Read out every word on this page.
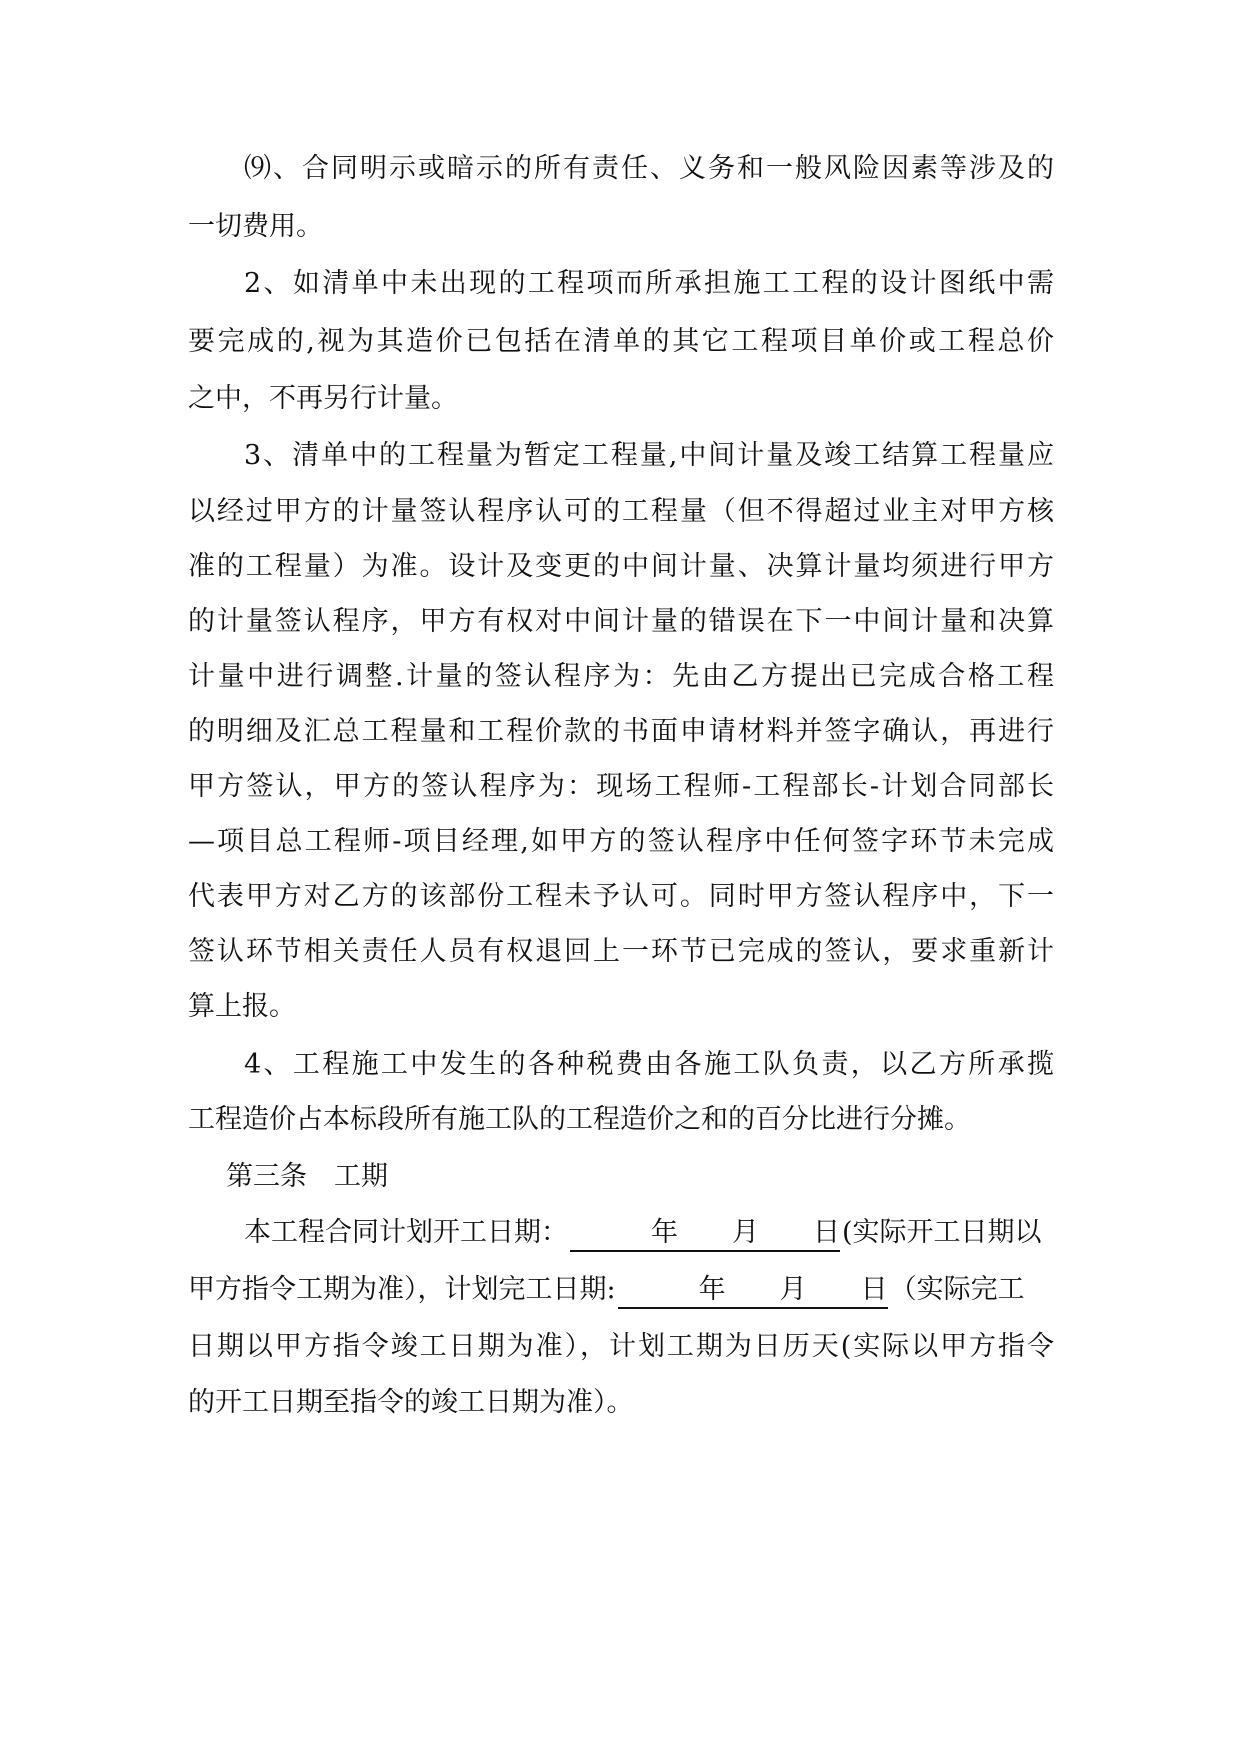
⑼、合同明示或暗示的所有责任、义务和一般风险因素等涉及的
一切费用。
2、如清单中未出现的工程项而所承担施工工程的设计图纸中需
要完成的,视为其造价已包括在清单的其它工程项目单价或工程总价
之中，不再另行计量。
3、清单中的工程量为暂定工程量,中间计量及竣工结算工程量应
以经过甲方的计量签认程序认可的工程量（但不得超过业主对甲方核
准的工程量）为准。设计及变更的中间计量、决算计量均须进行甲方
的计量签认程序，甲方有权对中间计量的错误在下一中间计量和决算
计量中进行调整.计量的签认程序为：先由乙方提出已完成合格工程
的明细及汇总工程量和工程价款的书面申请材料并签字确认，再进行
甲方签认，甲方的签认程序为：现场工程师-工程部长-计划合同部长
—项目总工程师-项目经理,如甲方的签认程序中任何签字环节未完成
代表甲方对乙方的该部份工程未予认可。同时甲方签认程序中，下一
签认环节相关责任人员有权退回上一环节已完成的签认，要求重新计
算上报。
4、工程施工中发生的各种税费由各施工队负责，以乙方所承揽
工程造价占本标段所有施工队的工程造价之和的百分比进行分摊。
第三条　工期
本工程合同计划开工日期：　　　年　　月　　日(实际开工日期以
甲方指令工期为准），计划完工日期:　　　年　　月　　日（实际完工
日期以甲方指令竣工日期为准），计划工期为日历天(实际以甲方指令
的开工日期至指令的竣工日期为准）。
